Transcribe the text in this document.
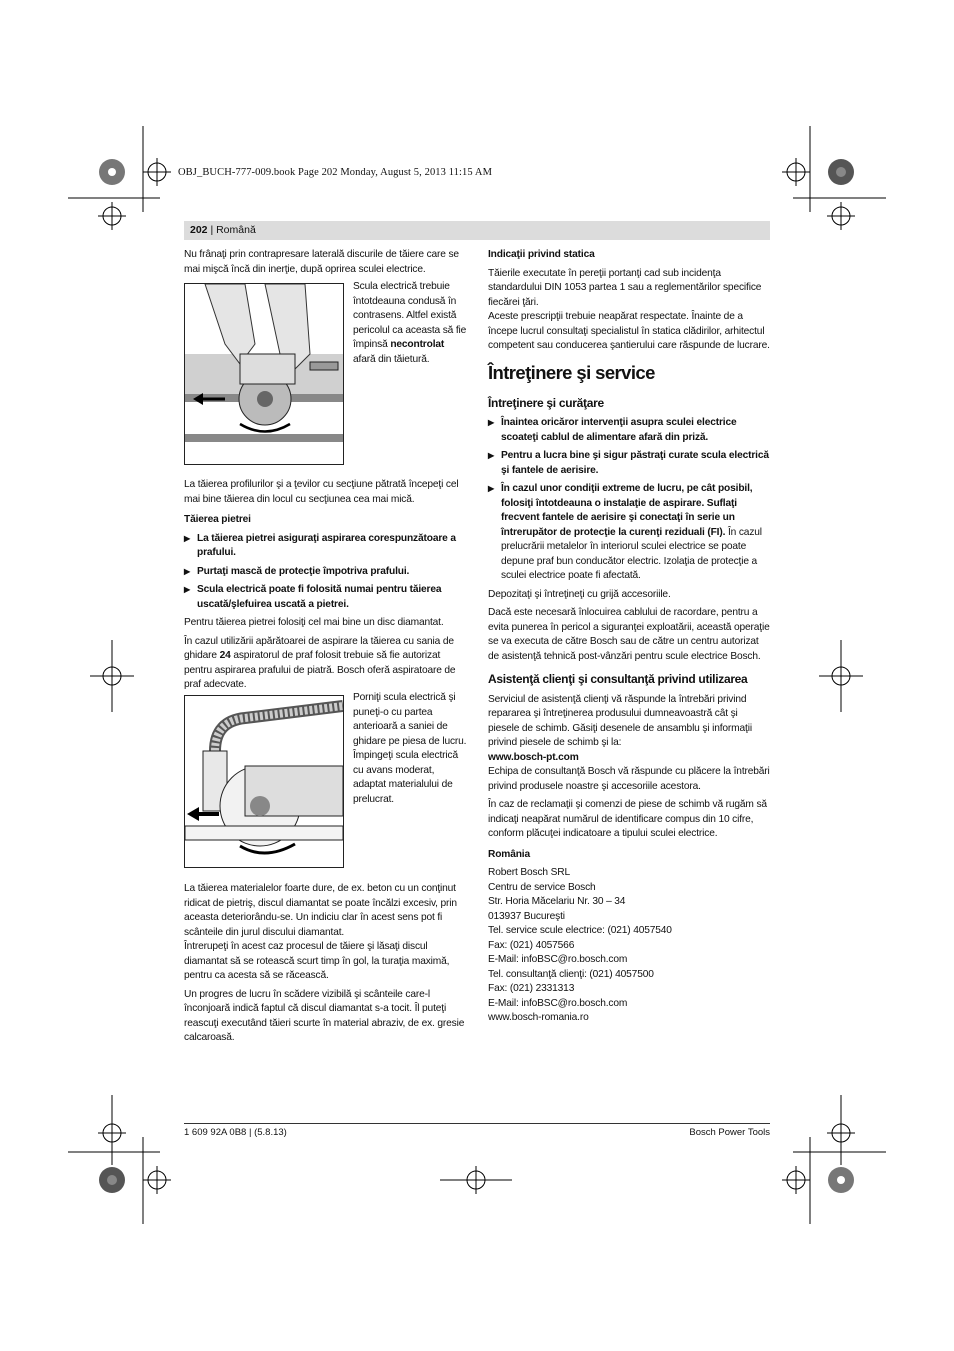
OBJ_BUCH-777-009.book Page 202 Monday, August 5, 2013 11:15 AM
202 | Română

Nu frânaţi prin contrapresare laterală discurile de tăiere care se mai mişcă încă din inerţie, după oprirea sculei electrice.

Scula electrică trebuie întotdeauna condusă în contrasens. Altfel există pericolul ca aceasta să fie împinsă necontrolat afară din tăietură.

La tăierea profilurilor şi a ţevilor cu secţiune pătrată începeţi cel mai bine tăierea din locul cu secţiunea cea mai mică.

Tăierea pietrei
▶ La tăierea pietrei asiguraţi aspirarea corespunzătoare a prafului.
▶ Purtaţi mască de protecţie împotriva prafului.
▶ Scula electrică poate fi folosită numai pentru tăierea uscată/şlefuirea uscată a pietrei.

Pentru tăierea pietrei folosiţi cel mai bine un disc diamantat.

În cazul utilizării apărătoarei de aspirare la tăierea cu sania de ghidare 24 aspiratorul de praf folosit trebuie să fie autorizat pentru aspirarea prafului de piatră. Bosch oferă aspiratoare de praf adecvate.

Porniţi scula electrică şi puneţi-o cu partea anterioară a saniei de ghidare pe piesa de lucru. Împingeţi scula electrică cu avans moderat, adaptat materialului de prelucrat.

La tăierea materialelor foarte dure, de ex. beton cu un conţinut ridicat de pietriş, discul diamantat se poate încălzi excesiv, prin aceasta deteriorându-se. Un indiciu clar în acest sens pot fi scânteile din jurul discului diamantat.

Întrerupeţi în acest caz procesul de tăiere şi lăsaţi discul diamantat să se rotească scurt timp în gol, la turaţia maximă, pentru ca acesta să se răcească.

Un progres de lucru în scădere vizibilă şi scânteile care-l înconjoară indică faptul că discul diamantat s-a tocit. Îl puteţi reascuţi executând tăieri scurte în material abraziv, de ex. gresie calcaroasă.

Indicaţii privind statica

Tăierile executate în pereţii portanţi cad sub incidenţa standardului DIN 1053 partea 1 sau a reglementărilor specifice fiecărei ţări.

Aceste prescripţii trebuie neapărat respectate. Înainte de a începe lucrul consultaţi specialistul în statica clădirilor, arhitectul competent sau conducerea şantierului care răspunde de lucrare.

Întreţinere şi service
Întreţinere şi curăţare
▶ Înaintea oricăror intervenţii asupra sculei electrice scoateţi cablul de alimentare afară din priză.
▶ Pentru a lucra bine şi sigur păstraţi curate scula electrică şi fantele de aerisire.
▶ În cazul unor condiţii extreme de lucru, pe cât posibil, folosiţi întotdeauna o instalaţie de aspirare. Suflaţi frecvent fantele de aerisire şi conectaţi în serie un întrerupător de protecţie la curenţi reziduali (FI). În cazul prelucrării metalelor în interiorul sculei electrice se poate depune praf bun conducător electric. Izolaţia de protecţie a sculei electrice poate fi afectată.

Depozitaţi şi întreţineţi cu grijă accesoriile.

Dacă este necesară înlocuirea cablului de racordare, pentru a evita punerea în pericol a siguranţei exploatării, această operaţie se va executa de către Bosch sau de către un centru autorizat de asistenţă tehnică post-vânzări pentru scule electrice Bosch.

Asistenţă clienţi şi consultanţă privind utilizarea

Serviciul de asistenţă clienţi vă răspunde la întrebări privind repararea şi întreţinerea produsului dumneavoastră cât şi piesele de schimb. Găsiţi desenele de ansamblu şi informaţii privind piesele de schimb şi la:

www.bosch-pt.com

Echipa de consultanţă Bosch vă răspunde cu plăcere la întrebări privind produsele noastre şi accesoriile acestora.

În caz de reclamaţii şi comenzi de piese de schimb vă rugăm să indicaţi neapărat numărul de identificare compus din 10 cifre, conform plăcuţei indicatoare a tipului sculei electrice.

România
Robert Bosch SRL
Centru de service Bosch
Str. Horia Măcelariu Nr. 30 – 34
013937 Bucureşti
Tel. service scule electrice: (021) 4057540
Fax: (021) 4057566
E-Mail: infoBSC@ro.bosch.com
Tel. consultanţă clienţi: (021) 4057500
Fax: (021) 2331313
E-Mail: infoBSC@ro.bosch.com
www.bosch-romania.ro
1 609 92A 0B8 | (5.8.13)	Bosch Power Tools
